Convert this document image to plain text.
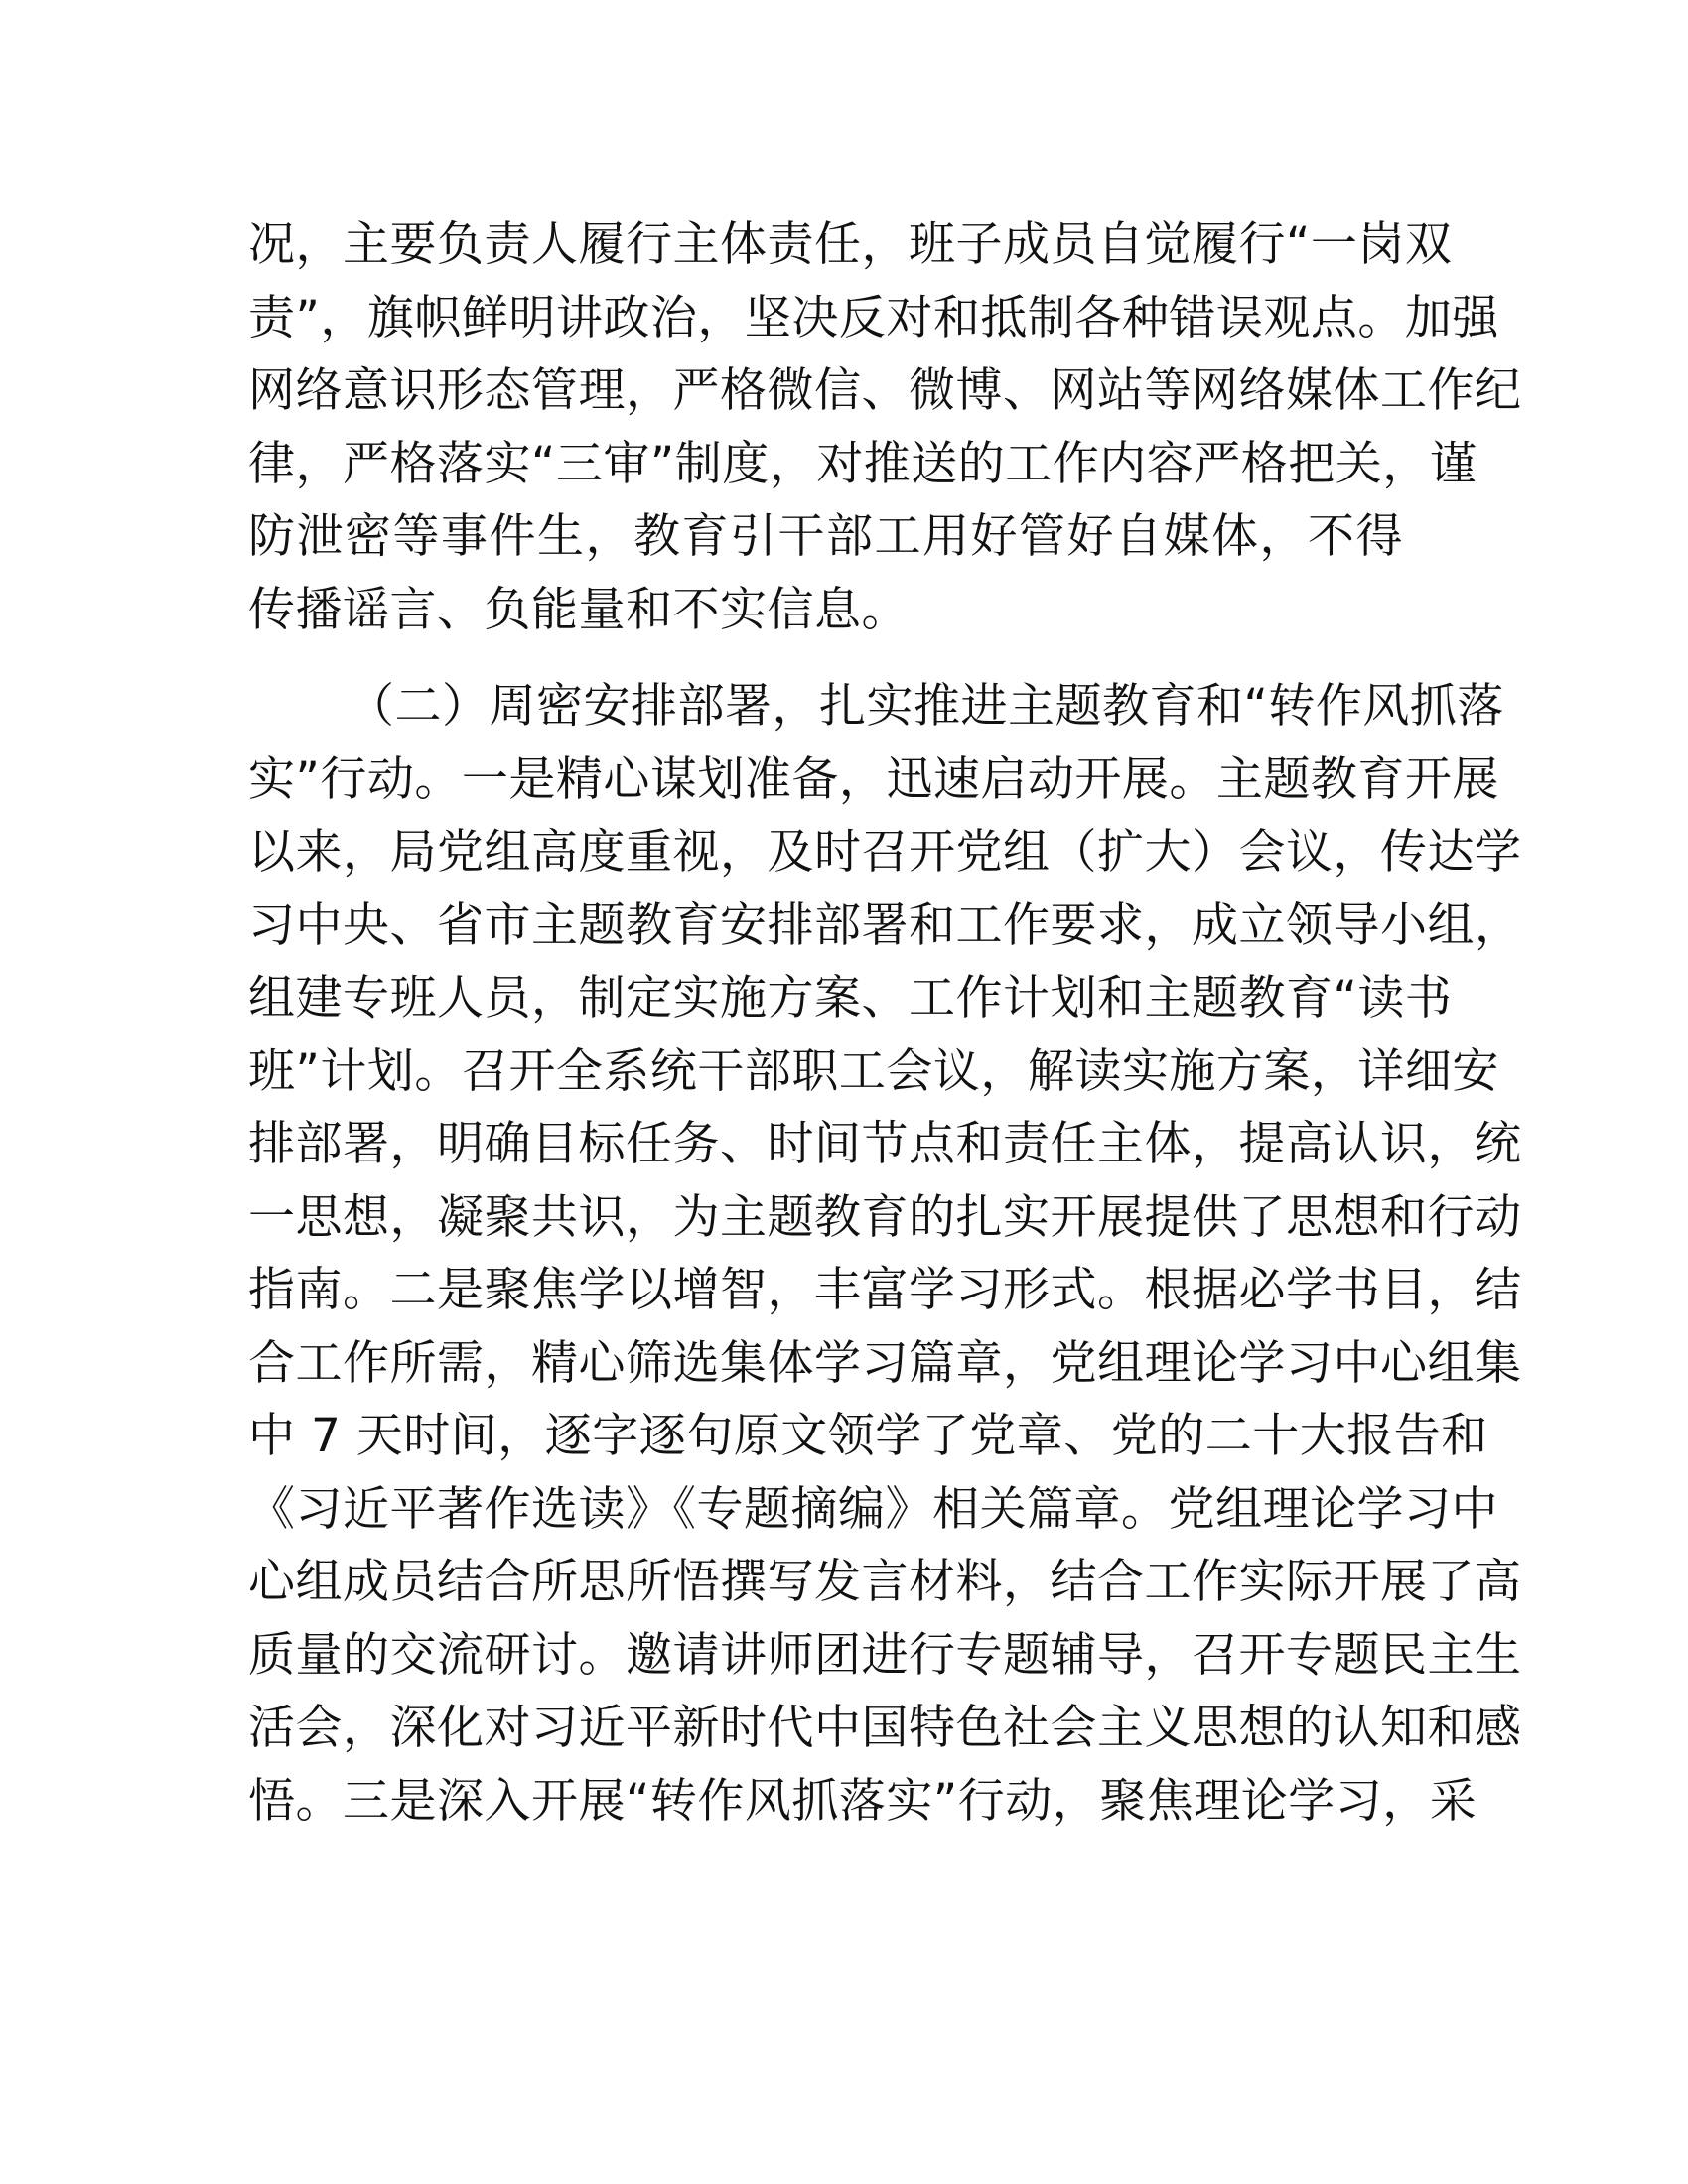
况，主要负责人履行主体责任，班子成员自觉履行“一岗双
责”，旗帜鲜明讲政治，坚决反对和抵制各种错误观点。加强
网络意识形态管理，严格微信、微博、网站等网络媒体工作纪
律，严格落实“三审”制度，对推送的工作内容严格把关，谨
防泄密等事件生，教育引干部工用好管好自媒体，不得
传播谣言、负能量和不实信息。
（二）周密安排部署，扎实推进主题教育和“转作风抓落
实”行动。一是精心谋划准备，迅速启动开展。主题教育开展
以来，局党组高度重视，及时召开党组（扩大）会议，传达学
习中央、省市主题教育安排部署和工作要求，成立领导小组，
组建专班人员，制定实施方案、工作计划和主题教育“读书
班”计划。召开全系统干部职工会议，解读实施方案，详细安
排部署，明确目标任务、时间节点和责任主体，提高认识，统
一思想，凝聚共识，为主题教育的扎实开展提供了思想和行动
指南。二是聚焦学以增智，丰富学习形式。根据必学书目，结
合工作所需，精心筛选集体学习篇章，党组理论学习中心组集
中 7 天时间，逐字逐句原文领学了党章、党的二十大报告和
《习近平著作选读》《专题摘编》相关篇章。党组理论学习中
心组成员结合所思所悟撰写发言材料，结合工作实际开展了高
质量的交流研讨。邀请讲师团进行专题辅导，召开专题民主生
活会，深化对习近平新时代中国特色社会主义思想的认知和感
悟。三是深入开展“转作风抓落实”行动，聚焦理论学习，采
